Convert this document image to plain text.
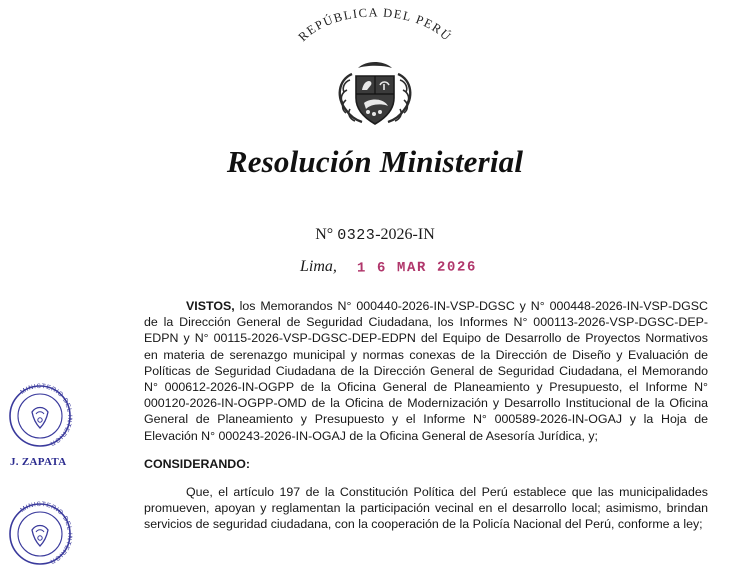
REPÚBLICA DEL PERÚ
Resolución Ministerial
N° 0323-2026-IN
Lima, 1 6 MAR 2026

VISTOS, los Memorandos N° 000440-2026-IN-VSP-DGSC y N° 000448-2026-IN-VSP-DGSC de la Dirección General de Seguridad Ciudadana, los Informes N° 000113-2026-VSP-DGSC-DEP-EDPN y N° 00115-2026-VSP-DGSC-DEP-EDPN del Equipo de Desarrollo de Proyectos Normativos en materia de serenazgo municipal y normas conexas de la Dirección de Diseño y Evaluación de Políticas de Seguridad Ciudadana de la Dirección General de Seguridad Ciudadana, el Memorando N° 000612-2026-IN-OGPP de la Oficina General de Planeamiento y Presupuesto, el Informe N° 000120-2026-IN-OGPP-OMD de la Oficina de Modernización y Desarrollo Institucional de la Oficina General de Planeamiento y Presupuesto y el Informe N° 000589-2026-IN-OGAJ y la Hoja de Elevación N° 000243-2026-IN-OGAJ de la Oficina General de Asesoría Jurídica, y;

CONSIDERANDO:

Que, el artículo 197 de la Constitución Política del Perú establece que las municipalidades promueven, apoyan y reglamentan la participación vecinal en el desarrollo local; asimismo, brindan servicios de seguridad ciudadana, con la cooperación de la Policía Nacional del Perú, conforme a ley;

MINISTERIO DEL INTERIOR
J. ZAPATA
MINISTERIO DEL INTERIOR
